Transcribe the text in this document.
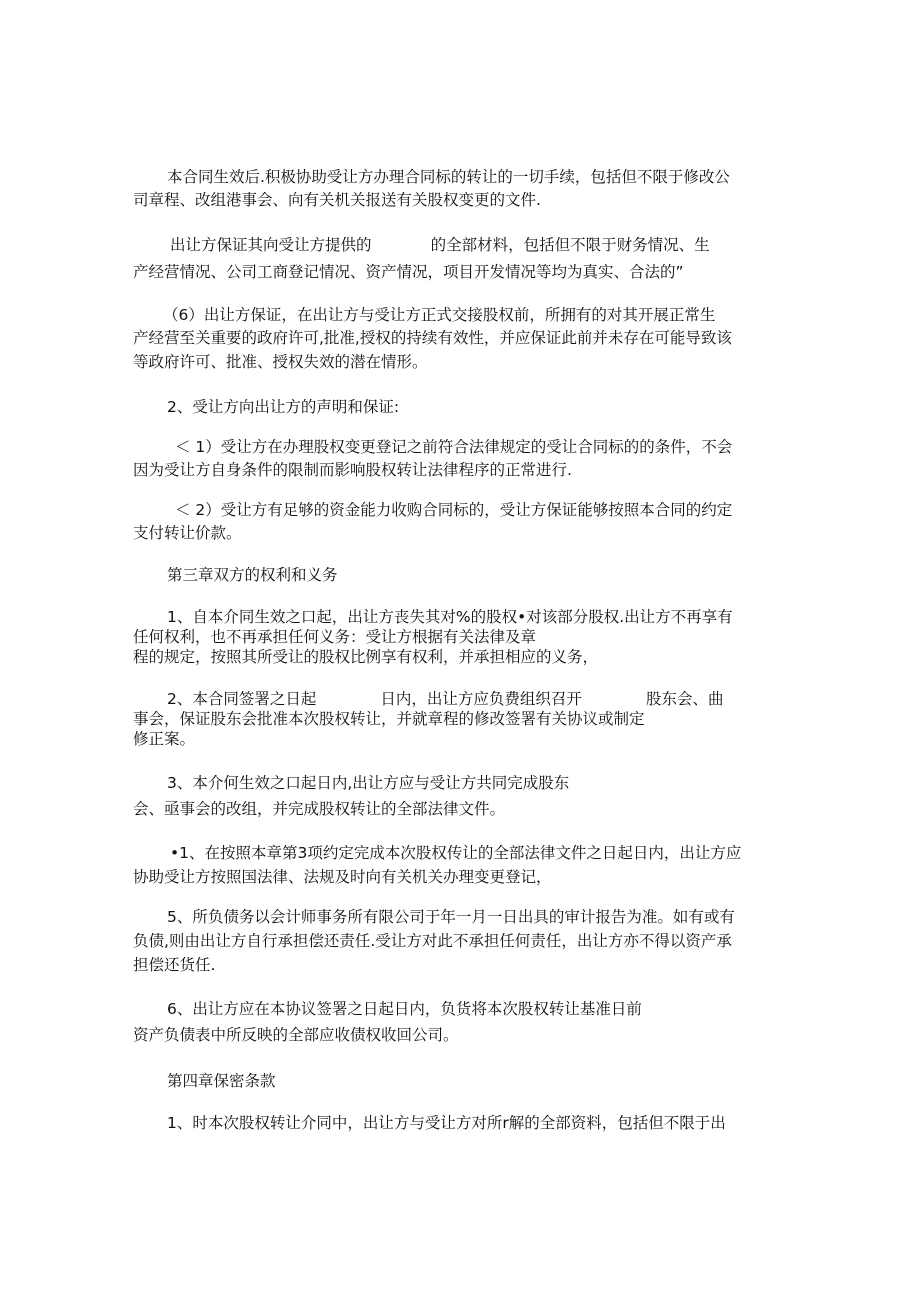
本合同生效后.积极协助受让方办理合同标的转让的一切手续，包括但不限于修改公
司章程、改组港事会、向有关机关报送有关股权变更的文件.
出让方保证其向受让方提供的            的全部材料，包括但不限于财务情况、生
产经营情况、公司工商登记情况、资产情况，项目开发情况等均为真实、合法的”
（6）出让方保证，在出让方与受让方正式交接股权前，所拥有的对其开展正常生
产经营至关重要的政府许可,批准,授权的持续有效性，并应保证此前并未存在可能导致该
等政府许可、批准、授权失效的潜在情形。
2、受让方向出让方的声明和保证:
＜ 1）受让方在办理股权变更登记之前符合法律规定的受让合同标的的条件，不会
因为受让方自身条件的限制而影响股权转让法律程序的正常进行.
＜ 2）受让方有足够的资金能力收购合同标的，受让方保证能够按照本合同的约定
支付转让价款。
第三章双方的权利和义务
1、自本介同生效之口起，出让方丧失其对%的股权•对该部分股权.出让方不再享有
任何权利，也不再承担任何义务：受让方根据有关法律及章
程的规定，按照其所受让的股权比例享有权利，并承担相应的义务，
2、本合同签署之日起             日内，出让方应负费组织召开             股东会、曲
事会，保证股东会批准本次股权转让，并就章程的修改签署有关协议或制定
修正案。
3、本介何生效之口起日内,出让方应与受让方共同完成股东
会、亟事会的改组，并完成股权转让的全部法律文件。
•1、在按照本章第3项约定完成本次股权传让的全部法律文件之日起日内，出让方应
协助受让方按照国法律、法规及时向有关机关办理变更登记，
5、所负债务以会计师事务所有限公司于年一月一日出具的审计报告为准。如有或有
负债,则由出让方自行承担偿还责任.受让方对此不承担任何责任，出让方亦不得以资产承
担偿还货任.
6、出让方应在本协议签署之日起日内，负货将本次股权转让基准日前
资产负债表中所反映的全部应收债权收回公司。
第四章保密条款
1、时本次股权转让介同中，出让方与受让方对所r解的全部资料，包括但不限于出
